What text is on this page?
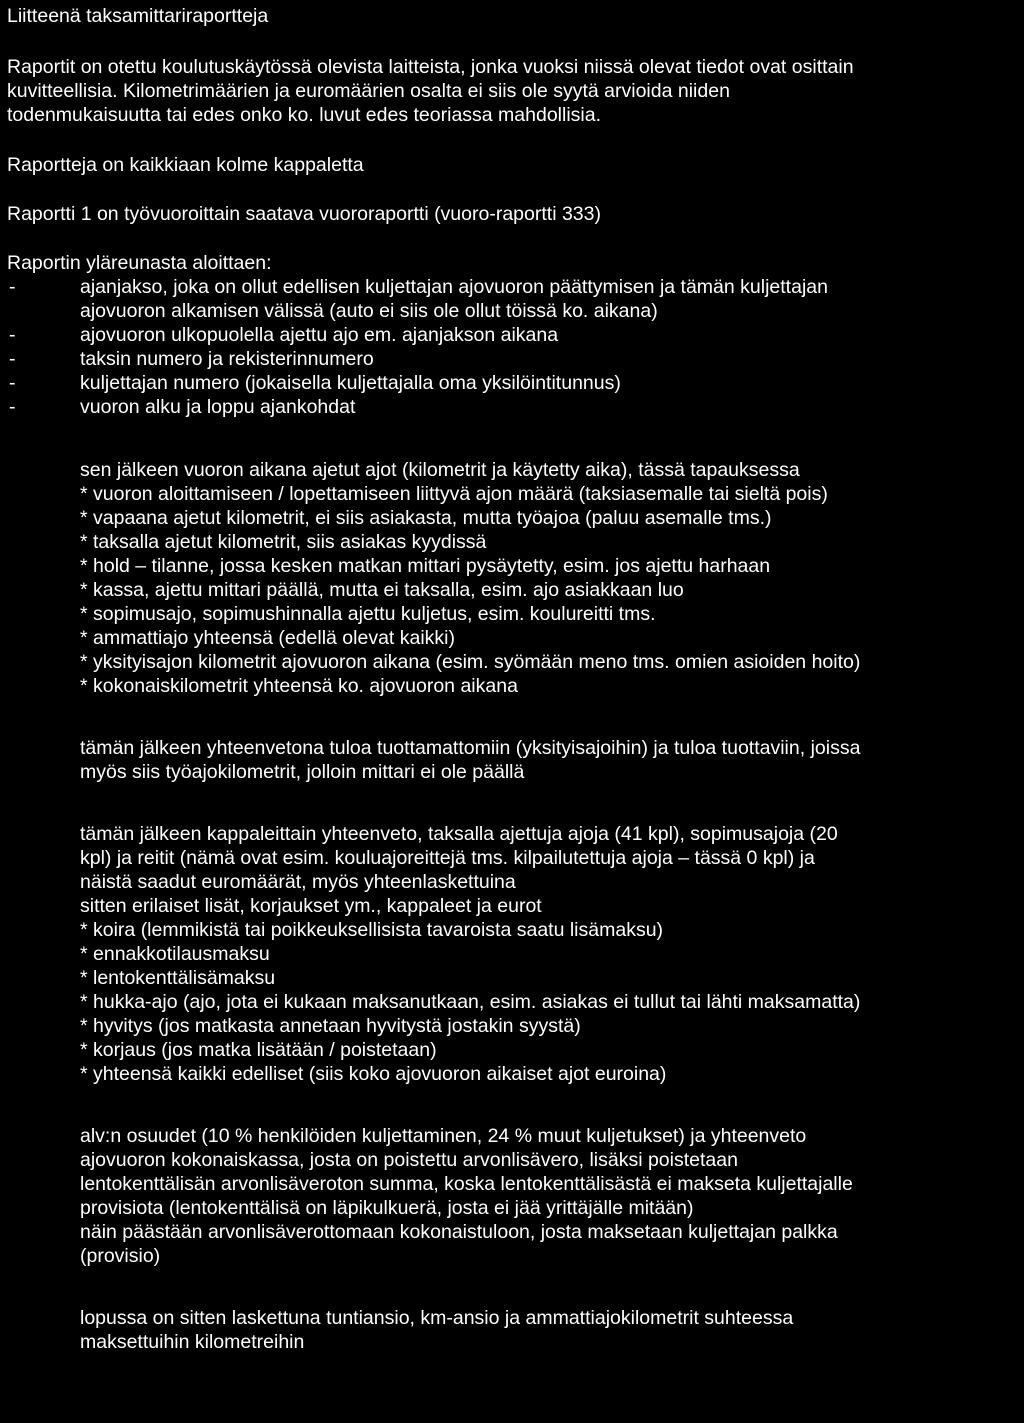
Liitteenä taksamittariraportteja
Raportit on otettu koulutuskäytössä olevista laitteista, jonka vuoksi niissä olevat tiedot ovat osittain
kuvitteellisia. Kilometrimäärien ja euromäärien osalta ei siis ole syytä arvioida niiden
todenmukaisuutta tai edes onko ko. luvut edes teoriassa mahdollisia.
Raportteja on kaikkiaan kolme kappaletta
Raportti 1 on työvuoroittain saatava vuororaportti (vuoro-raportti 333)
Raportin yläreunasta aloittaen:
-	ajanjakso, joka on ollut edellisen kuljettajan ajovuoron päättymisen ja tämän kuljettajan
ajovuoron alkamisen välissä (auto ei siis ole ollut töissä ko. aikana)
-	ajovuoron ulkopuolella ajettu ajo em. ajanjakson aikana
-	taksin numero ja rekisterinnumero
-	kuljettajan numero (jokaisella kuljettajalla oma yksilöintitunnus)
-	vuoron alku ja loppu ajankohdat
sen jälkeen vuoron aikana ajetut ajot (kilometrit ja käytetty aika), tässä tapauksessa
* vuoron aloittamiseen / lopettamiseen liittyvä ajon määrä (taksiasemalle tai sieltä pois)
* vapaana ajetut kilometrit, ei siis asiakasta, mutta työajoa (paluu asemalle tms.)
* taksalla ajetut kilometrit, siis asiakas kyydissä
* hold – tilanne, jossa kesken matkan mittari pysäytetty, esim. jos ajettu harhaan
* kassa, ajettu mittari päällä, mutta ei taksalla, esim. ajo asiakkaan luo
* sopimusajo, sopimushinnalla ajettu kuljetus, esim. koulureitti tms.
* ammattiajo yhteensä (edellä olevat kaikki)
* yksityisajon kilometrit ajovuoron aikana (esim. syömään meno tms. omien asioiden hoito)
* kokonaiskilometrit yhteensä ko. ajovuoron aikana
tämän jälkeen yhteenvetona tuloa tuottamattomiin (yksityisajoihin) ja tuloa tuottaviin, joissa
myös siis työajokilometrit, jolloin mittari ei ole päällä
tämän jälkeen kappaleittain yhteenveto, taksalla ajettuja ajoja (41 kpl), sopimusajoja (20
kpl) ja reitit (nämä ovat esim. kouluajoreittejä tms. kilpailutettuja ajoja – tässä 0 kpl) ja
näistä saadut euromäärät, myös yhteenlaskettuina
sitten erilaiset lisät, korjaukset ym., kappaleet ja eurot
* koira (lemmikistä tai poikkeuksellisista tavaroista saatu lisämaksu)
* ennakkotilausmaksu
* lentokenttälisämaksu
* hukka-ajo (ajo, jota ei kukaan maksanutkaan, esim. asiakas ei tullut tai lähti maksamatta)
* hyvitys (jos matkasta annetaan hyvitystä jostakin syystä)
* korjaus (jos matka lisätään / poistetaan)
* yhteensä kaikki edelliset (siis koko ajovuoron aikaiset ajot euroina)
alv:n osuudet (10 % henkilöiden kuljettaminen, 24 % muut kuljetukset) ja yhteenveto
ajovuoron kokonaiskassa, josta on poistettu arvonlisävero, lisäksi poistetaan
lentokenttälisän arvonlisäveroton summa, koska lentokenttälisästä ei makseta kuljettajalle
provisiota (lentokenttälisä on läpikulkuerä, josta ei jää yrittäjälle mitään)
näin päästään arvonlisäverottomaan kokonaistuloon, josta maksetaan kuljettajan palkka
(provisio)
lopussa on sitten laskettuna tuntiansio, km-ansio ja ammattiajokilometrit suhteessa
maksettuihin kilometreihin
